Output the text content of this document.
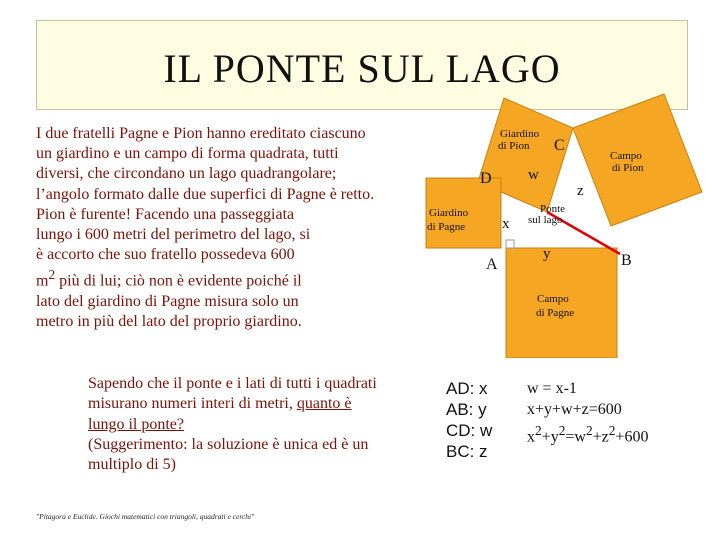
IL PONTE SUL LAGO

I due fratelli Pagne e Pion hanno ereditato ciascuno

un giardino e un campo di forma quadrata, tutti

diversi, che circondano un lago quadrangolare;

l’angolo formato dalle due superfici di Pagne è retto.

Pion è furente! Facendo una passeggiata

lungo i 600 metri del perimetro del lago, si

è accorto che suo fratello possedeva 600

$m^2$ più di lui; ciò non è evidente poiché il

lato del giardino di Pagne misura solo un

metro in più del lato del proprio giardino.

Sapendo che il ponte e i lati di tutti i quadrati

misurano numeri interi di metri, quanto è

lungo il ponte?

(Suggerimento: la soluzione è unica ed è un

multiplo di 5)

"Pitagora e Euclide. Giochi matematici con triangoli, quadrati e cerchi"
Giardino di Pion
Campo di Pion
Giardino di Pagne
Campo di Pagne
Ponte sul lago
C
D
A	B
w
x
y
z
AD: x
AB: y
CD: w
BC: z
w = x-1
x+y+w+z=600
$x^2+y^2=w^2+z^2+600$
